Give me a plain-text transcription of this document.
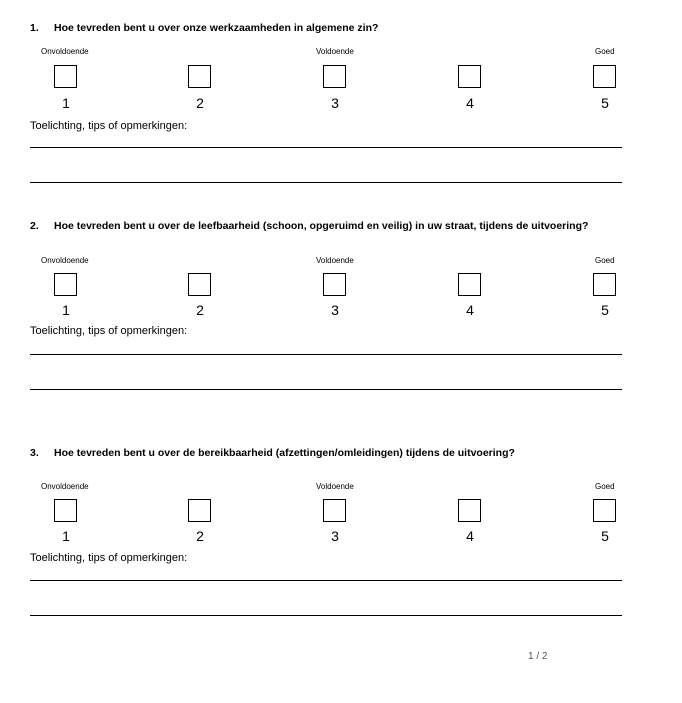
1. Hoe tevreden bent u over onze werkzaamheden in algemene zin?
Onvoldoende	Voldoende	Goed
1	2	3	4	5
Toelichting, tips of opmerkingen:
2. Hoe tevreden bent u over de leefbaarheid (schoon, opgeruimd en veilig) in uw straat, tijdens de uitvoering?
Onvoldoende	Voldoende	Goed
1	2	3	4	5
Toelichting, tips of opmerkingen:
3. Hoe tevreden bent u over de bereikbaarheid (afzettingen/omleidingen) tijdens de uitvoering?
Onvoldoende	Voldoende	Goed
1	2	3	4	5
Toelichting, tips of opmerkingen:
1 / 2
